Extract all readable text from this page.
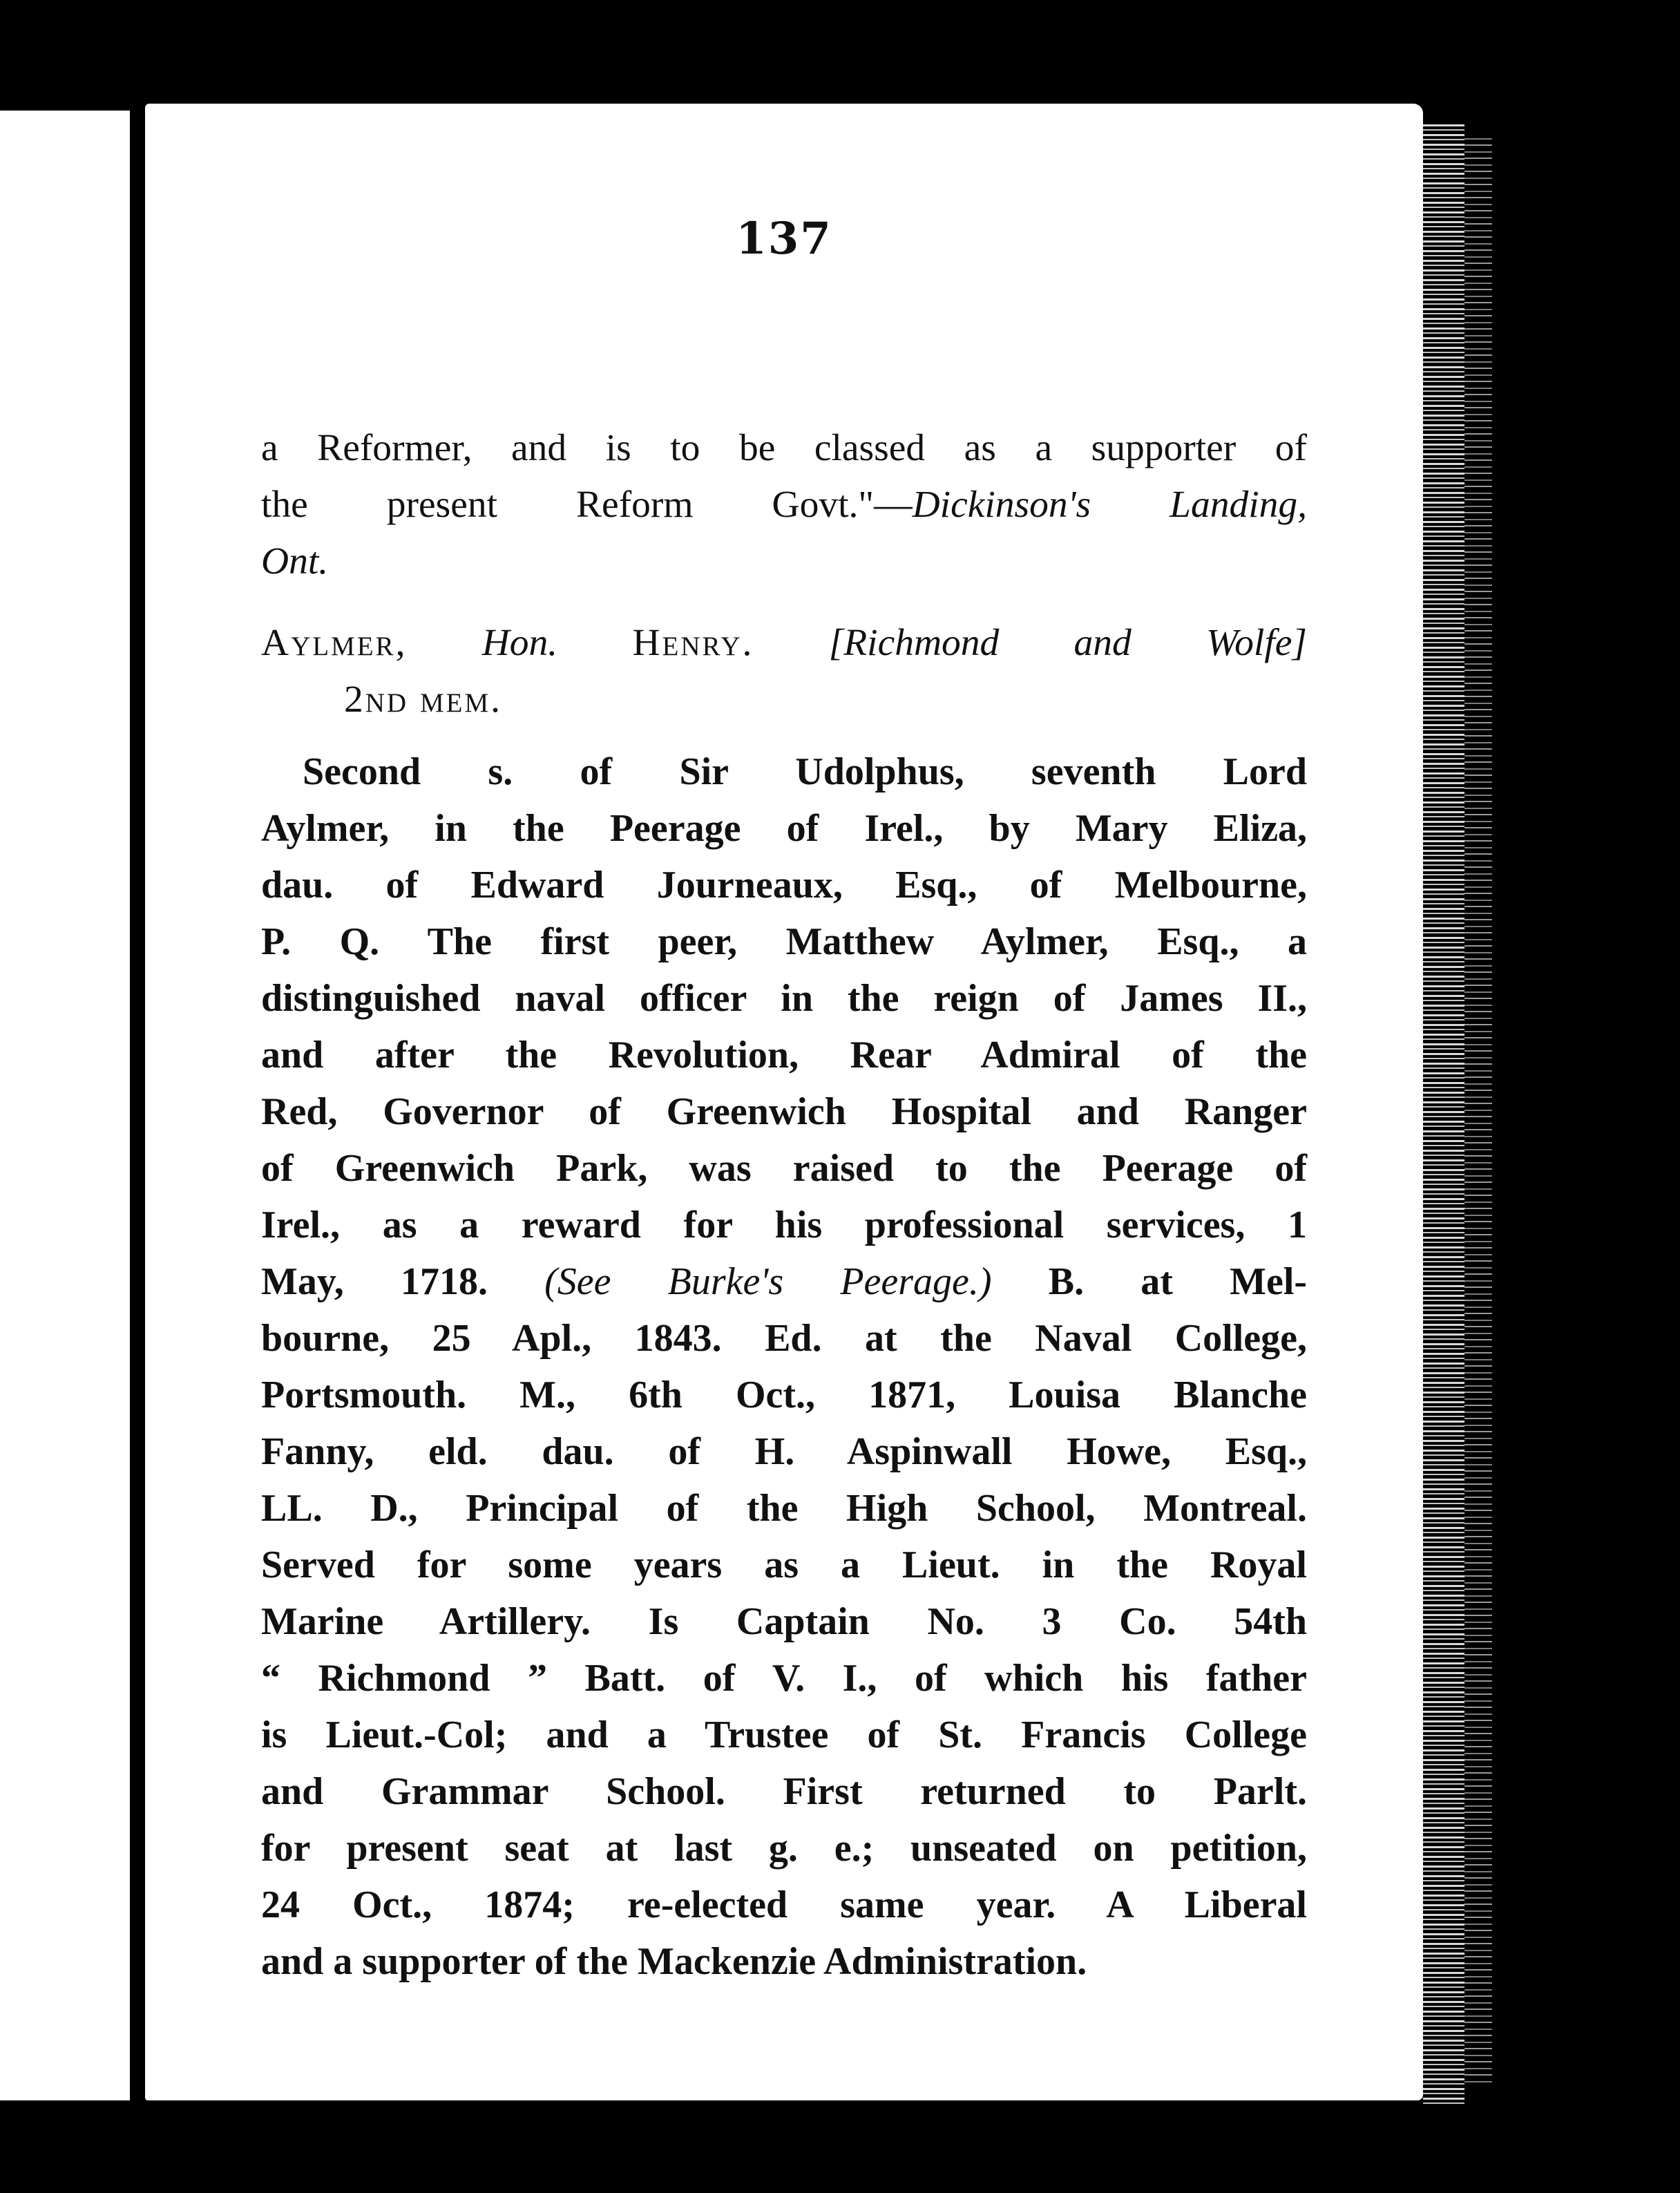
137
a Reformer, and is to be classed as a supporter of
the present Reform Govt."—Dickinson's Landing,
Ont.
Aylmer, Hon. Henry. [Richmond and Wolfe]
2nd mem.
Second s. of Sir Udolphus, seventh Lord
Aylmer, in the Peerage of Irel., by Mary Eliza,
dau. of Edward Journeaux, Esq., of Melbourne,
P. Q. The first peer, Matthew Aylmer, Esq., a
distinguished naval officer in the reign of James II.,
and after the Revolution, Rear Admiral of the
Red, Governor of Greenwich Hospital and Ranger
of Greenwich Park, was raised to the Peerage of
Irel., as a reward for his professional services, 1
May, 1718. (See Burke's Peerage.) B. at Mel-
bourne, 25 Apl., 1843. Ed. at the Naval College,
Portsmouth. M., 6th Oct., 1871, Louisa Blanche
Fanny, eld. dau. of H. Aspinwall Howe, Esq.,
LL. D., Principal of the High School, Montreal.
Served for some years as a Lieut. in the Royal
Marine Artillery. Is Captain No. 3 Co. 54th
“ Richmond ” Batt. of V. I., of which his father
is Lieut.-Col; and a Trustee of St. Francis College
and Grammar School. First returned to Parlt.
for present seat at last g. e.; unseated on petition,
24 Oct., 1874; re-elected same year. A Liberal
and a supporter of the Mackenzie Administration.
